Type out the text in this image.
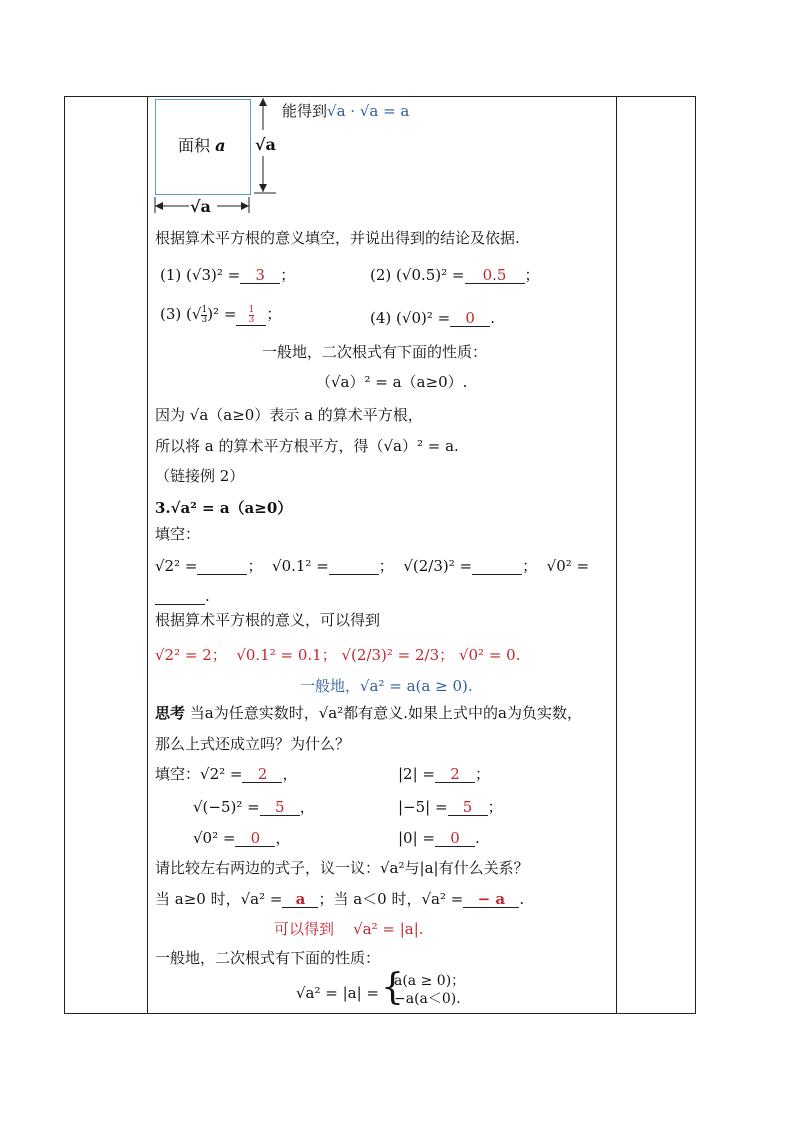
面积 a √a
√a
能得到√a · √a = a
根据算术平方根的意义填空，并说出得到的结论及依据.
(1) (√3)² = 3 ；	(2) (√0.5)² = 0.5 ；
(3) (√ $\frac{1}{3} )^2 = \frac{1}{3}$ ；	(4) (√0)² = 0 .
一般地，二次根式有下面的性质：
（√a）² = a（a≥0）.
因为 √a（a≥0）表示 a 的算术平方根，
所以将 a 的算术平方根平方，得（√a）² = a.
（链接例 2）
3.√a² = a（a≥0）
填空：
√2² =	； √0.1² =	； √(2/3)² =	； √0² =
.
根据算术平方根的意义，可以得到
√2² = 2； √0.1² = 0.1； √(2/3)² = 2/3； √0² = 0.
一般地，√a² = a(a ≥ 0).
思考 当a为任意实数时，√a²都有意义.如果上式中的a为负实数，
那么上式还成立吗？为什么？
填空：√2² = 2 ，	|2| = 2 ；
√(−5)² = 5 ，	|−5| = 5 ；
√0² = 0 ，	|0| = 0 .
请比较左右两边的式子，议一议：√a²与|a|有什么关系？
当 a≥0 时，√a² = a ；当 a＜0 时，√a² = − a .
可以得到 √a² = |a|.
一般地，二次根式有下面的性质：
√a² = |a| = {
a(a ≥ 0)；
−a(a＜0).
